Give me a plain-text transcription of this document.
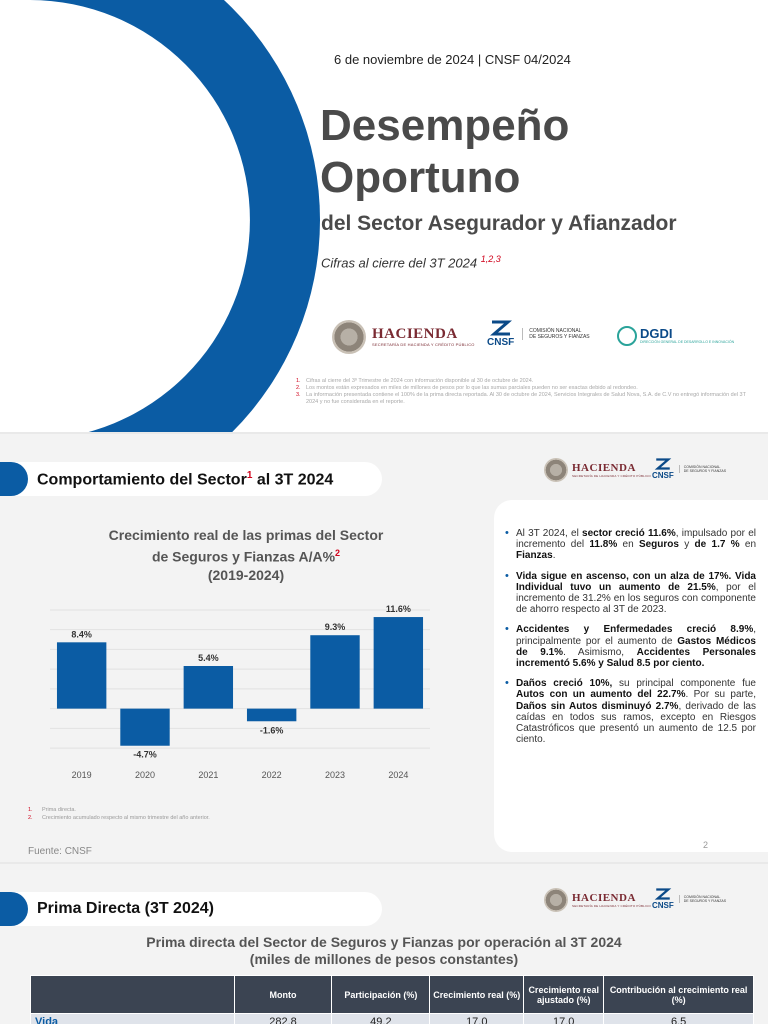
6 de noviembre de 2024 | CNSF 04/2024
Desempeño
Oportuno
del Sector Asegurador y Afianzador
Cifras al cierre del 3T 2024 $^{1,2,3}$
HACIENDA
SECRETARÍA DE HACIENDA Y CRÉDITO PÚBLICO CNSF
COMISIÓN NACIONAL
DE SEGUROS Y FIANZAS	DGDI
DIRECCIÓN GENERAL DE DESARROLLO E INNOVACIÓN
1. Cifras al cierre del 3º Trimestre de 2024 con información disponible al 30 de octubre de 2024.
2. Los montos están expresados en miles de millones de pesos por lo que las sumas parciales pueden no ser exactas debido al redondeo.
3. La información presentada contiene el 100% de la prima directa reportada. Al 30 de octubre de 2024, Servicios Integrales de Salud Nova, S.A. de C.V no entregó información del 3T 2024 y no fue considerada en el reporte.
Comportamiento del Sector$^1$ al 3T 2024
HACIENDA
SECRETARÍA DE HACIENDA Y CRÉDITO PÚBLICO CNSF
COMISIÓN NACIONAL
DE SEGUROS Y FIANZAS
Crecimiento real de las primas del Sector
de Seguros y Fianzas A/A%$^2$
(2019-2024)
8.4%
2019
-4.7%
2020
5.4%
2021
-1.6%
2022
9.3%
2023
11.6%
2024
1. Prima directa.
2. Crecimiento acumulado respecto al mismo trimestre del año anterior.
Fuente: CNSF
• Al 3T 2024, el sector creció 11.6%, impulsado por el incremento del 11.8% en Seguros y de 1.7 % en Fianzas.
• Vida sigue en ascenso, con un alza de 17%. Vida Individual tuvo un aumento de 21.5%, por el incremento de 31.2% en los seguros con componente de ahorro respecto al 3T de 2023.
• Accidentes y Enfermedades creció 8.9%, principalmente por el aumento de Gastos Médicos de 9.1%. Asimismo, Accidentes Personales incrementó 5.6% y Salud 8.5 por ciento.
• Daños creció 10%, su principal componente fue Autos con un aumento del 22.7%. Por su parte, Daños sin Autos disminuyó 2.7%, derivado de las caídas en todos sus ramos, excepto en Riesgos Catastróficos que presentó un aumento de 12.5 por ciento.
2
Prima Directa (3T 2024)
HACIENDA
SECRETARÍA DE HACIENDA Y CRÉDITO PÚBLICO CNSF
COMISIÓN NACIONAL
DE SEGUROS Y FIANZAS
Prima directa del Sector de Seguros y Fianzas por operación al 3T 2024
(miles de millones de pesos constantes)
	Monto	Participación (%)	Crecimiento real (%)	Crecimiento real ajustado (%)	Contribución al crecimiento real (%)
Vida	282.8	49.2	17.0	17.0	6.5
